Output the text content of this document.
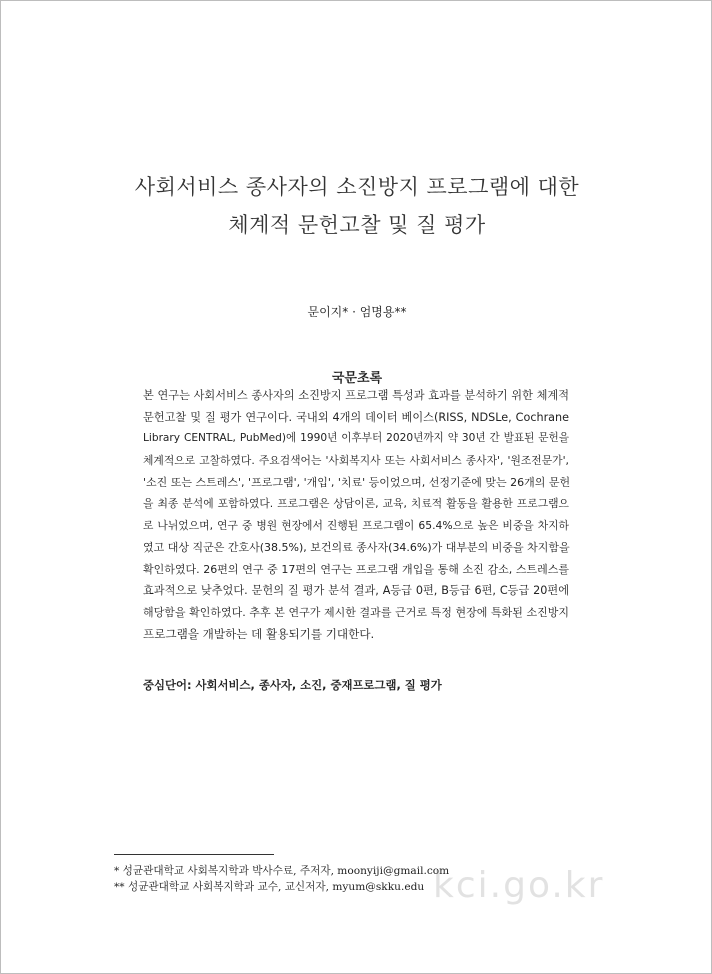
사회서비스 종사자의 소진방지 프로그램에 대한
체계적 문헌고찰 및 질 평가
문이지* · 엄명용**
국문초록
본 연구는 사회서비스 종사자의 소진방지 프로그램 특성과 효과를 분석하기 위한 체계적
문헌고찰 및 질 평가 연구이다. 국내외 4개의 데이터 베이스(RISS, NDSLe, Cochrane
Library CENTRAL, PubMed)에 1990년 이후부터 2020년까지 약 30년 간 발표된 문헌을
체계적으로 고찰하였다. 주요검색어는 '사회복지사 또는 사회서비스 종사자', '원조전문가',
'소진 또는 스트레스', '프로그램', '개입', '치료' 등이었으며, 선정기준에 맞는 26개의 문헌
을 최종 분석에 포함하였다. 프로그램은 상담이론, 교육, 치료적 활동을 활용한 프로그램으
로 나뉘었으며, 연구 중 병원 현장에서 진행된 프로그램이 65.4%으로 높은 비중을 차지하
였고 대상 직군은 간호사(38.5%), 보건의료 종사자(34.6%)가 대부분의 비중을 차지함을
확인하였다. 26편의 연구 중 17편의 연구는 프로그램 개입을 통해 소진 감소, 스트레스를
효과적으로 낮추었다. 문헌의 질 평가 분석 결과, A등급 0편, B등급 6편, C등급 20편에
해당함을 확인하였다. 추후 본 연구가 제시한 결과를 근거로 특정 현장에 특화된 소진방지
프로그램을 개발하는 데 활용되기를 기대한다.
중심단어: 사회서비스, 종사자, 소진, 중재프로그램, 질 평가
* 성균관대학교 사회복지학과 박사수료, 주저자, moonyiji@gmail.com
** 성균관대학교 사회복지학과 교수, 교신저자, myum@skku.edu kci.go.kr
